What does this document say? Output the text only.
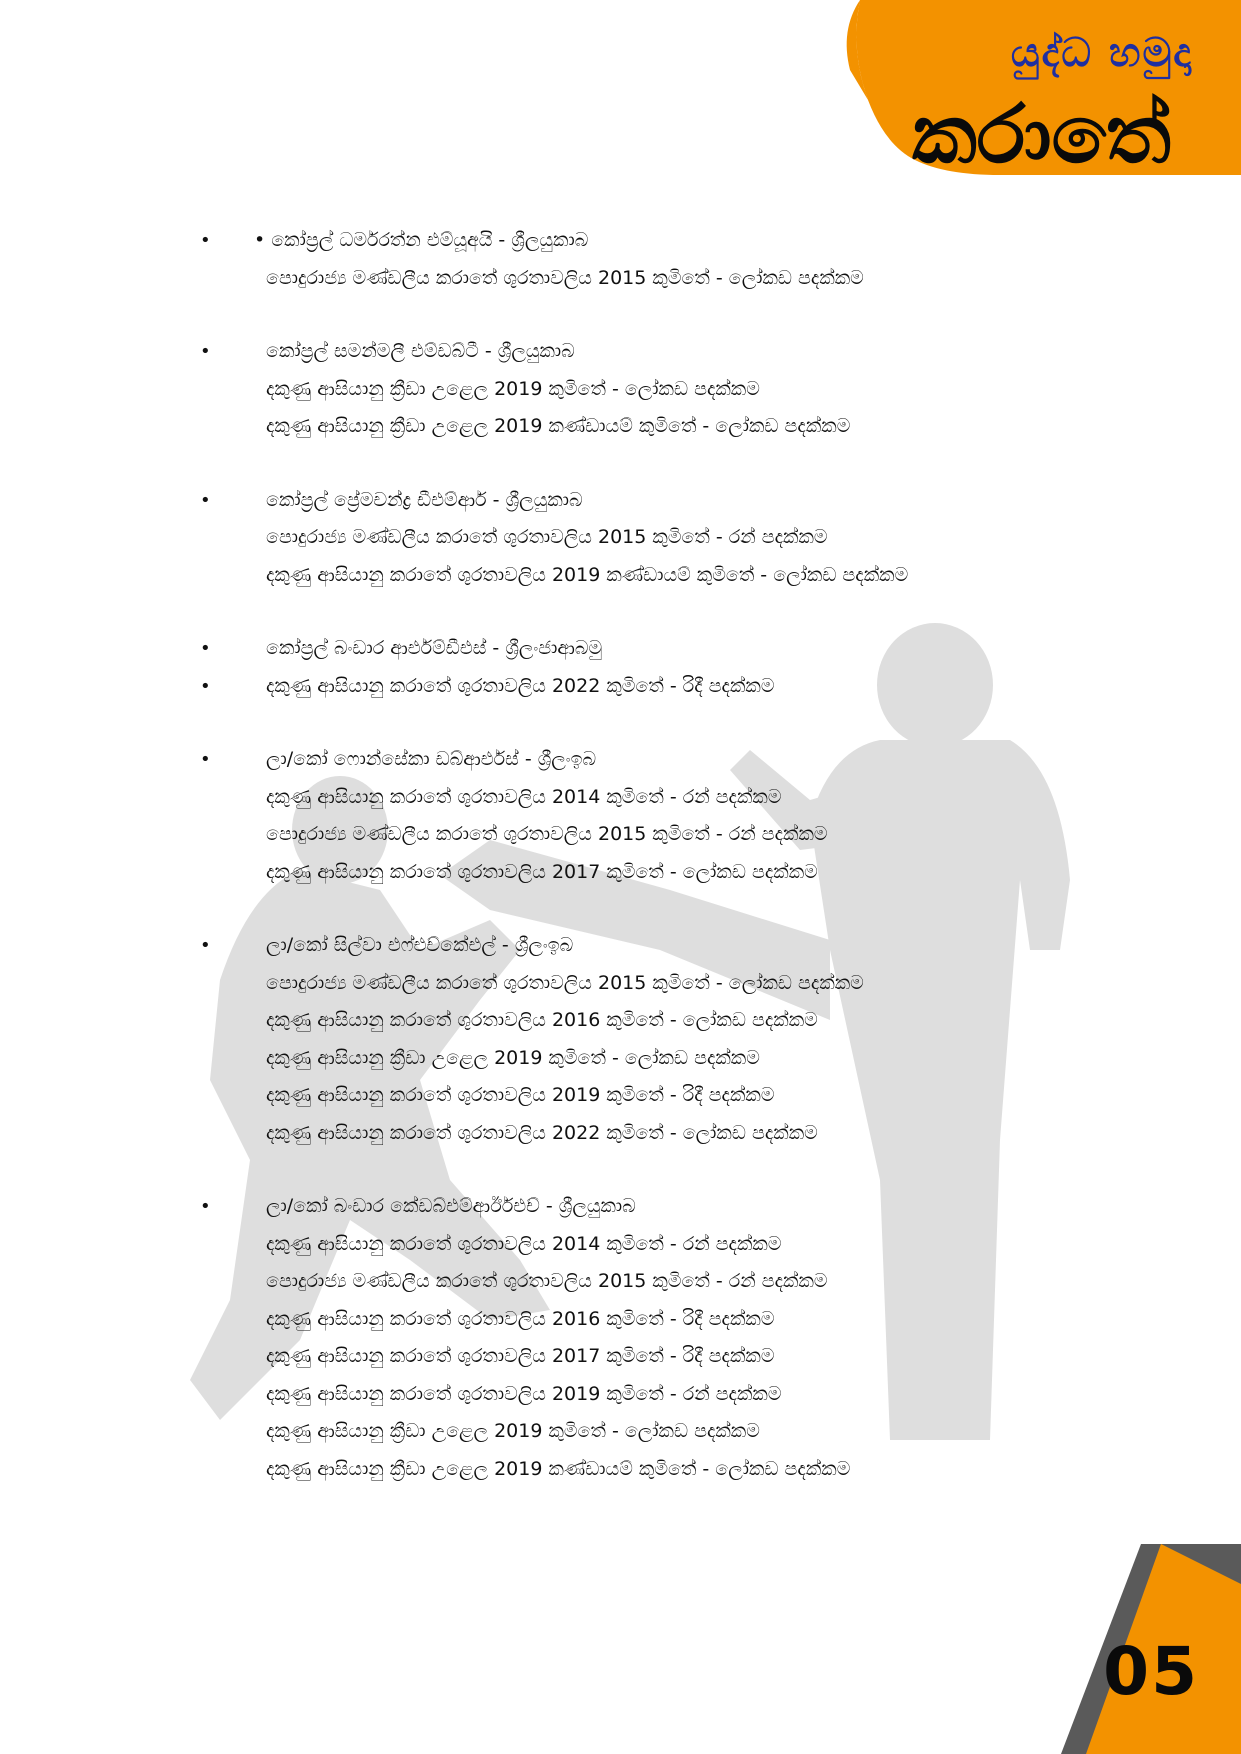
යුද්ධ හමුදා
කරාතේ
•	• කෝප්‍රල් ධර්මරත්න එම්යූඅයි - ශ්‍රීලයුකාබ
පොදුරාජ්‍ය මණ්ඩලීය කරාතේ ශුරතාවලිය 2015 කුමිතේ - ලෝකඩ පදක්කම
•	කෝප්‍රල් සමන්මලී එම්ඩබ්ටී - ශ්‍රීලයුකාබ
දකුණු ආසියානු ක්‍රීඩා උළෙල 2019 කුමිතේ - ලෝකඩ පදක්කම
දකුණු ආසියානු ක්‍රීඩා උළෙල 2019 කණ්ඩායම් කුමිතේ - ලෝකඩ පදක්කම
•	කෝප්‍රල් ප්‍රේමචන්ද්‍ර ඩීඑම්ආර් - ශ්‍රීලයුකාබ
පොදුරාජ්‍ය මණ්ඩලීය කරාතේ ශුරතාවලිය 2015 කුමිතේ - රන් පදක්කම
දකුණු ආසියානු කරාතේ ශුරතාවලිය 2019 කණ්ඩායම් කුමිතේ - ලෝකඩ පදක්කම
•	කෝප්‍රල් බංඩාර ආර්එම්ඩීඑස් - ශ්‍රීලංජාආබමු
•	දකුණු ආසියානු කරාතේ ශුරතාවලිය 2022 කුමිතේ - රිදී පදක්කම
•	ලා/කෝ ෆොන්සේකා ඩබ්ආර්එස් - ශ්‍රීලංඉබ
දකුණු ආසියානු කරාතේ ශුරතාවලිය 2014 කුමිතේ - රන් පදක්කම
පොදුරාජ්‍ය මණ්ඩලීය කරාතේ ශුරතාවලිය 2015 කුමිතේ - රන් පදක්කම
දකුණු ආසියානු කරාතේ ශුරතාවලිය 2017 කුමිතේ - ලෝකඩ පදක්කම
•	ලා/කෝ සිල්වා එෆ්එච්කේඑල් - ශ්‍රීලංඉබ
පොදුරාජ්‍ය මණ්ඩලීය කරාතේ ශුරතාවලිය 2015 කුමිතේ - ලෝකඩ පදක්කම
දකුණු ආසියානු කරාතේ ශුරතාවලිය 2016 කුමිතේ - ලෝකඩ පදක්කම
දකුණු ආසියානු ක්‍රීඩා උළෙල 2019 කුමිතේ - ලෝකඩ පදක්කම
දකුණු ආසියානු කරාතේ ශුරතාවලිය 2019 කුමිතේ - රිදී පදක්කම
දකුණු ආසියානු කරාතේ ශුරතාවලිය 2022 කුමිතේ - ලෝකඩ පදක්කම
•	ලා/කෝ බංඩාර කේඩබ්එම්ආර්ඊඑච් - ශ්‍රීලයුකාබ
දකුණු ආසියානු කරාතේ ශුරතාවලිය 2014 කුමිතේ - රන් පදක්කම
පොදුරාජ්‍ය මණ්ඩලීය කරාතේ ශුරතාවලිය 2015 කුමිතේ - රන් පදක්කම
දකුණු ආසියානු කරාතේ ශුරතාවලිය 2016 කුමිතේ - රිදී පදක්කම
දකුණු ආසියානු කරාතේ ශුරතාවලිය 2017 කුමිතේ - රිදී පදක්කම
දකුණු ආසියානු කරාතේ ශුරතාවලිය 2019 කුමිතේ - රන් පදක්කම
දකුණු ආසියානු ක්‍රීඩා උළෙල 2019 කුමිතේ - ලෝකඩ පදක්කම
දකුණු ආසියානු ක්‍රීඩා උළෙල 2019 කණ්ඩායම් කුමිතේ - ලෝකඩ පදක්කම
05
